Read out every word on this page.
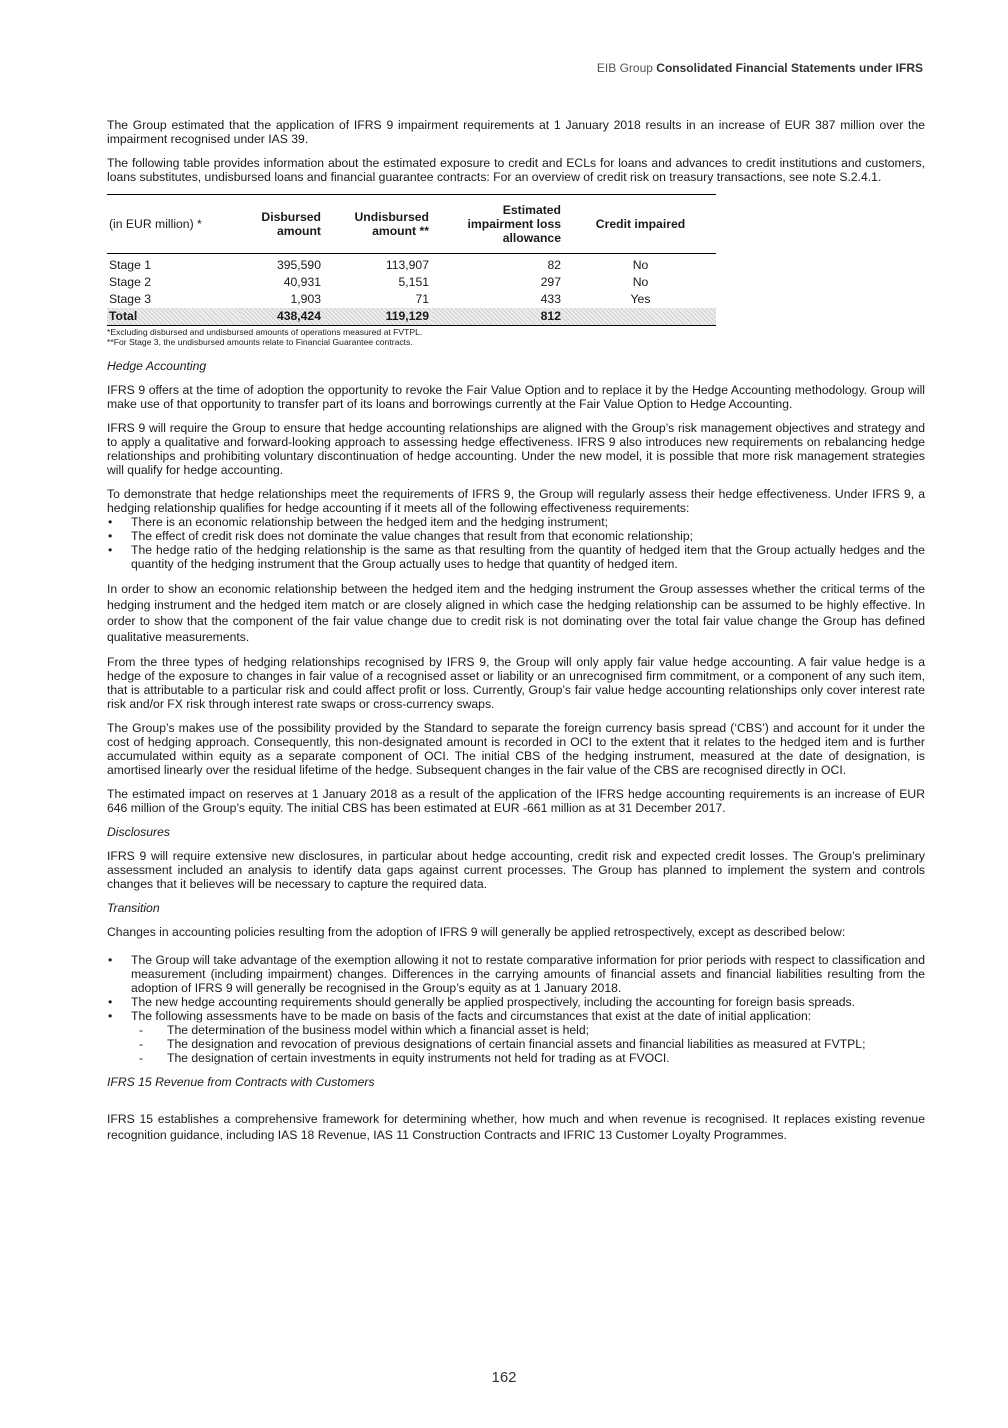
EIB Group Consolidated Financial Statements under IFRS

The Group estimated that the application of IFRS 9 impairment requirements at 1 January 2018 results in an increase of EUR 387 million over the impairment recognised under IAS 39.

The following table provides information about the estimated exposure to credit and ECLs for loans and advances to credit institutions and customers, loans substitutes, undisbursed loans and financial guarantee contracts: For an overview of credit risk on treasury transactions, see note S.2.4.1.

(in EUR million) *	Disbursed amount	Undisbursed amount **	Estimated impairment loss allowance	Credit impaired
Stage 1	395,590	113,907	82	No
Stage 2	40,931	5,151	297	No
Stage 3	1,903	71	433	Yes
Total	438,424	119,129	812	
*Excluding disbursed and undisbursed amounts of operations measured at FVTPL.
**For Stage 3, the undisbursed amounts relate to Financial Guarantee contracts.
Hedge Accounting

IFRS 9 offers at the time of adoption the opportunity to revoke the Fair Value Option and to replace it by the Hedge Accounting methodology. Group will make use of that opportunity to transfer part of its loans and borrowings currently at the Fair Value Option to Hedge Accounting.

IFRS 9 will require the Group to ensure that hedge accounting relationships are aligned with the Group’s risk management objectives and strategy and to apply a qualitative and forward-looking approach to assessing hedge effectiveness. IFRS 9 also introduces new requirements on rebalancing hedge relationships and prohibiting voluntary discontinuation of hedge accounting. Under the new model, it is possible that more risk management strategies will qualify for hedge accounting.

To demonstrate that hedge relationships meet the requirements of IFRS 9, the Group will regularly assess their hedge effectiveness. Under IFRS 9, a hedging relationship qualifies for hedge accounting if it meets all of the following effectiveness requirements:

• There is an economic relationship between the hedged item and the hedging instrument;
• The effect of credit risk does not dominate the value changes that result from that economic relationship;
• The hedge ratio of the hedging relationship is the same as that resulting from the quantity of hedged item that the Group actually hedges and the quantity of the hedging instrument that the Group actually uses to hedge that quantity of hedged item.

In order to show an economic relationship between the hedged item and the hedging instrument the Group assesses whether the critical terms of the hedging instrument and the hedged item match or are closely aligned in which case the hedging relationship can be assumed to be highly effective. In order to show that the component of the fair value change due to credit risk is not dominating over the total fair value change the Group has defined qualitative measurements.

From the three types of hedging relationships recognised by IFRS 9, the Group will only apply fair value hedge accounting. A fair value hedge is a hedge of the exposure to changes in fair value of a recognised asset or liability or an unrecognised firm commitment, or a component of any such item, that is attributable to a particular risk and could affect profit or loss. Currently, Group’s fair value hedge accounting relationships only cover interest rate risk and/or FX risk through interest rate swaps or cross-currency swaps.

The Group’s makes use of the possibility provided by the Standard to separate the foreign currency basis spread (‘CBS’) and account for it under the cost of hedging approach. Consequently, this non-designated amount is recorded in OCI to the extent that it relates to the hedged item and is further accumulated within equity as a separate component of OCI. The initial CBS of the hedging instrument, measured at the date of designation, is amortised linearly over the residual lifetime of the hedge. Subsequent changes in the fair value of the CBS are recognised directly in OCI.

The estimated impact on reserves at 1 January 2018 as a result of the application of the IFRS hedge accounting requirements is an increase of EUR 646 million of the Group’s equity. The initial CBS has been estimated at EUR -661 million as at 31 December 2017.

Disclosures

IFRS 9 will require extensive new disclosures, in particular about hedge accounting, credit risk and expected credit losses. The Group’s preliminary assessment included an analysis to identify data gaps against current processes. The Group has planned to implement the system and controls changes that it believes will be necessary to capture the required data.

Transition

Changes in accounting policies resulting from the adoption of IFRS 9 will generally be applied retrospectively, except as described below:

• The Group will take advantage of the exemption allowing it not to restate comparative information for prior periods with respect to classification and measurement (including impairment) changes. Differences in the carrying amounts of financial assets and financial liabilities resulting from the adoption of IFRS 9 will generally be recognised in the Group’s equity as at 1 January 2018.
• The new hedge accounting requirements should generally be applied prospectively, including the accounting for foreign basis spreads.
• The following assessments have to be made on basis of the facts and circumstances that exist at the date of initial application:
- The determination of the business model within which a financial asset is held;
- The designation and revocation of previous designations of certain financial assets and financial liabilities as measured at FVTPL;
- The designation of certain investments in equity instruments not held for trading as at FVOCI.
IFRS 15 Revenue from Contracts with Customers

IFRS 15 establishes a comprehensive framework for determining whether, how much and when revenue is recognised. It replaces existing revenue recognition guidance, including IAS 18 Revenue, IAS 11 Construction Contracts and IFRIC 13 Customer Loyalty Programmes.

162
